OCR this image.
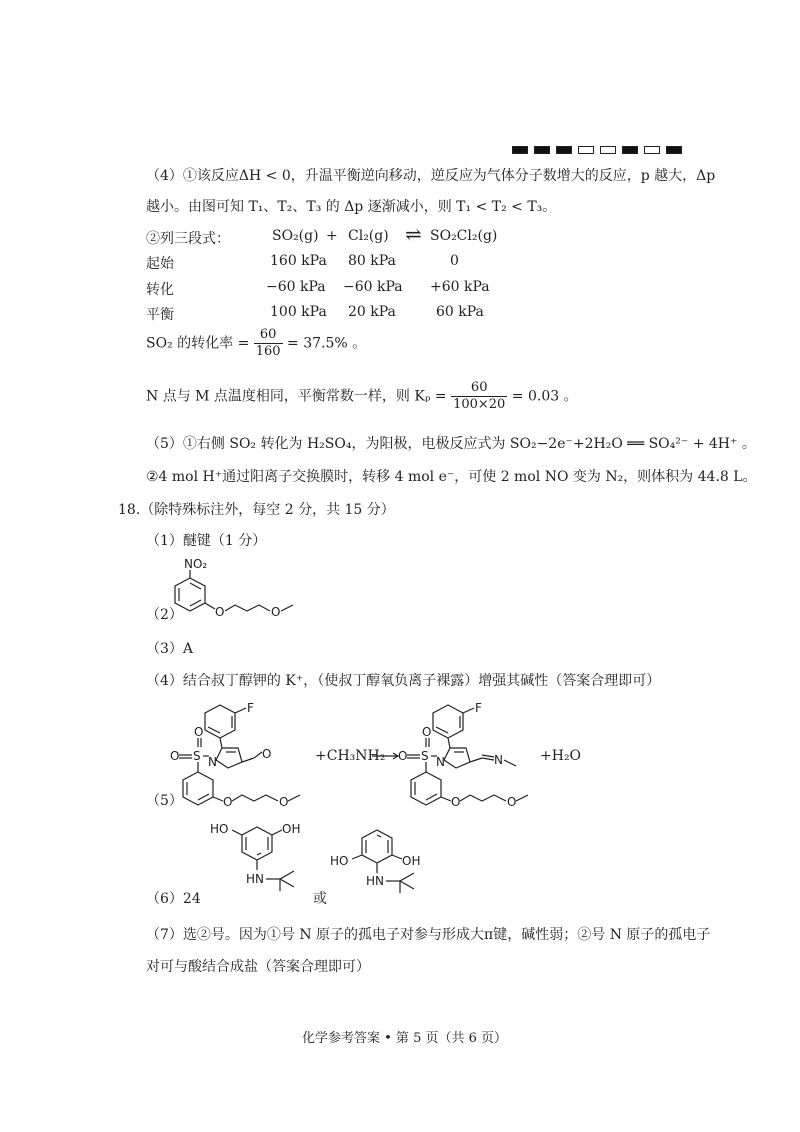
（4）①该反应ΔH < 0，升温平衡逆向移动，逆反应为气体分子数增大的反应，p 越大，Δp
越小。由图可知 T₁、T₂、T₃ 的 Δp 逐渐减小，则 T₁ < T₂ < T₃。
②列三段式：	SO₂(g) + Cl₂(g) ⇌ SO₂Cl₂(g)
起始	160 kPa 80 kPa	0
转化	−60 kPa −60 kPa +60 kPa
平衡	100 kPa 20 kPa	60 kPa
SO₂ 的转化率 = $\frac{60}{160} = 37.5\%$ 。
N 点与 M 点温度相同，平衡常数一样，则 $K_p = \frac{60}{100\times 20} = 0.03$ 。
（5）①右侧 SO₂ 转化为 H₂SO₄，为阳极，电极反应式为 SO₂−2e⁻+2H₂O ══ SO₄²⁻ + 4H⁺ 。
②4 mol H⁺通过阳离子交换膜时，转移 4 mol e⁻，可使 2 mol NO 变为 N₂，则体积为 44.8 L。
18.（除特殊标注外，每空 2 分，共 15 分）
（1）醚键（1 分）
（2）
NO₂
O	O
（3）A
（4）结合叔丁醇钾的 K⁺，（使叔丁醇氧负离子裸露）增强其碱性（答案合理即可）
（5）
F
N
O
O S
O
O	O
+CH₃NH₂
F
N	N
O S
O
O	O
+H₂O
（6）24
HO	OH
HN
或
HO	OH
HN
（7）选②号。因为①号 N 原子的孤电子对参与形成大π键，碱性弱；②号 N 原子的孤电子
对可与酸结合成盐（答案合理即可）
化学参考答案 • 第 5 页（共 6 页）
